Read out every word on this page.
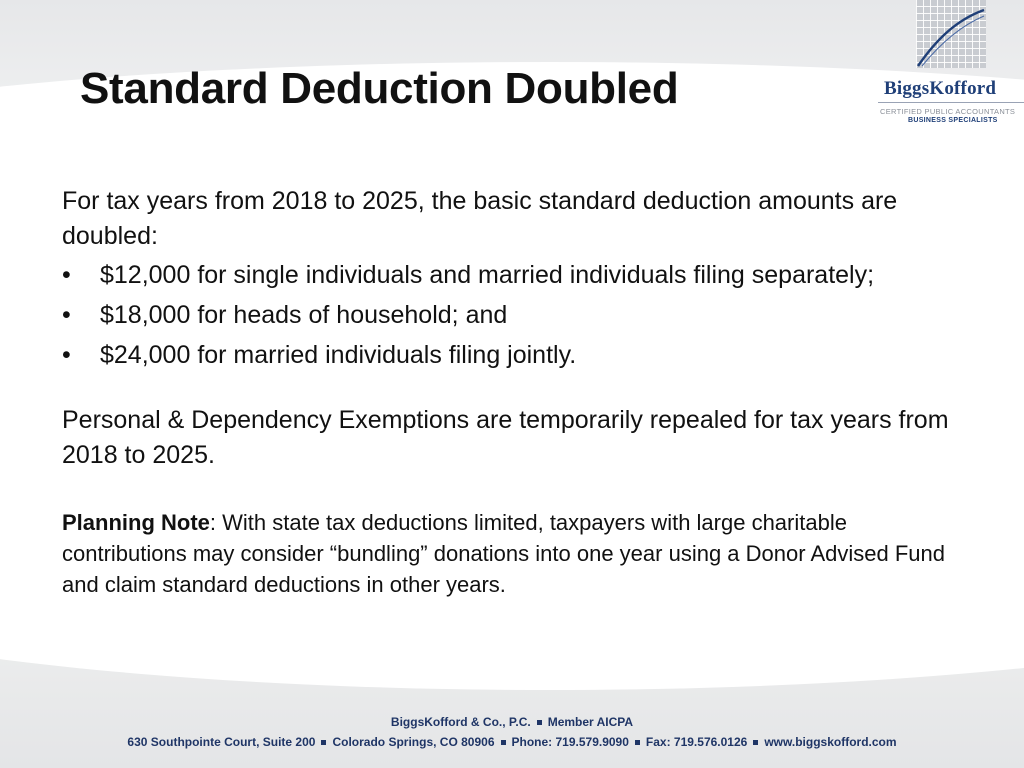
Standard Deduction Doubled	BiggsKofford
CERTIFIED PUBLIC ACCOUNTANTS
BUSINESS SPECIALISTS

For tax years from 2018 to 2025, the basic standard deduction amounts are doubled:

• $12,000 for single individuals and married individuals filing separately;
• $18,000 for heads of household; and
• $24,000 for married individuals filing jointly.

Personal & Dependency Exemptions are temporarily repealed for tax years from 2018 to 2025.

Planning Note: With state tax deductions limited, taxpayers with large charitable contributions may consider “bundling” donations into one year using a Donor Advised Fund and claim standard deductions in other years.

BiggsKofford & Co., P.C. Member AICPA
630 Southpointe Court, Suite 200 Colorado Springs, CO 80906 Phone: 719.579.9090 Fax: 719.576.0126 www.biggskofford.com
